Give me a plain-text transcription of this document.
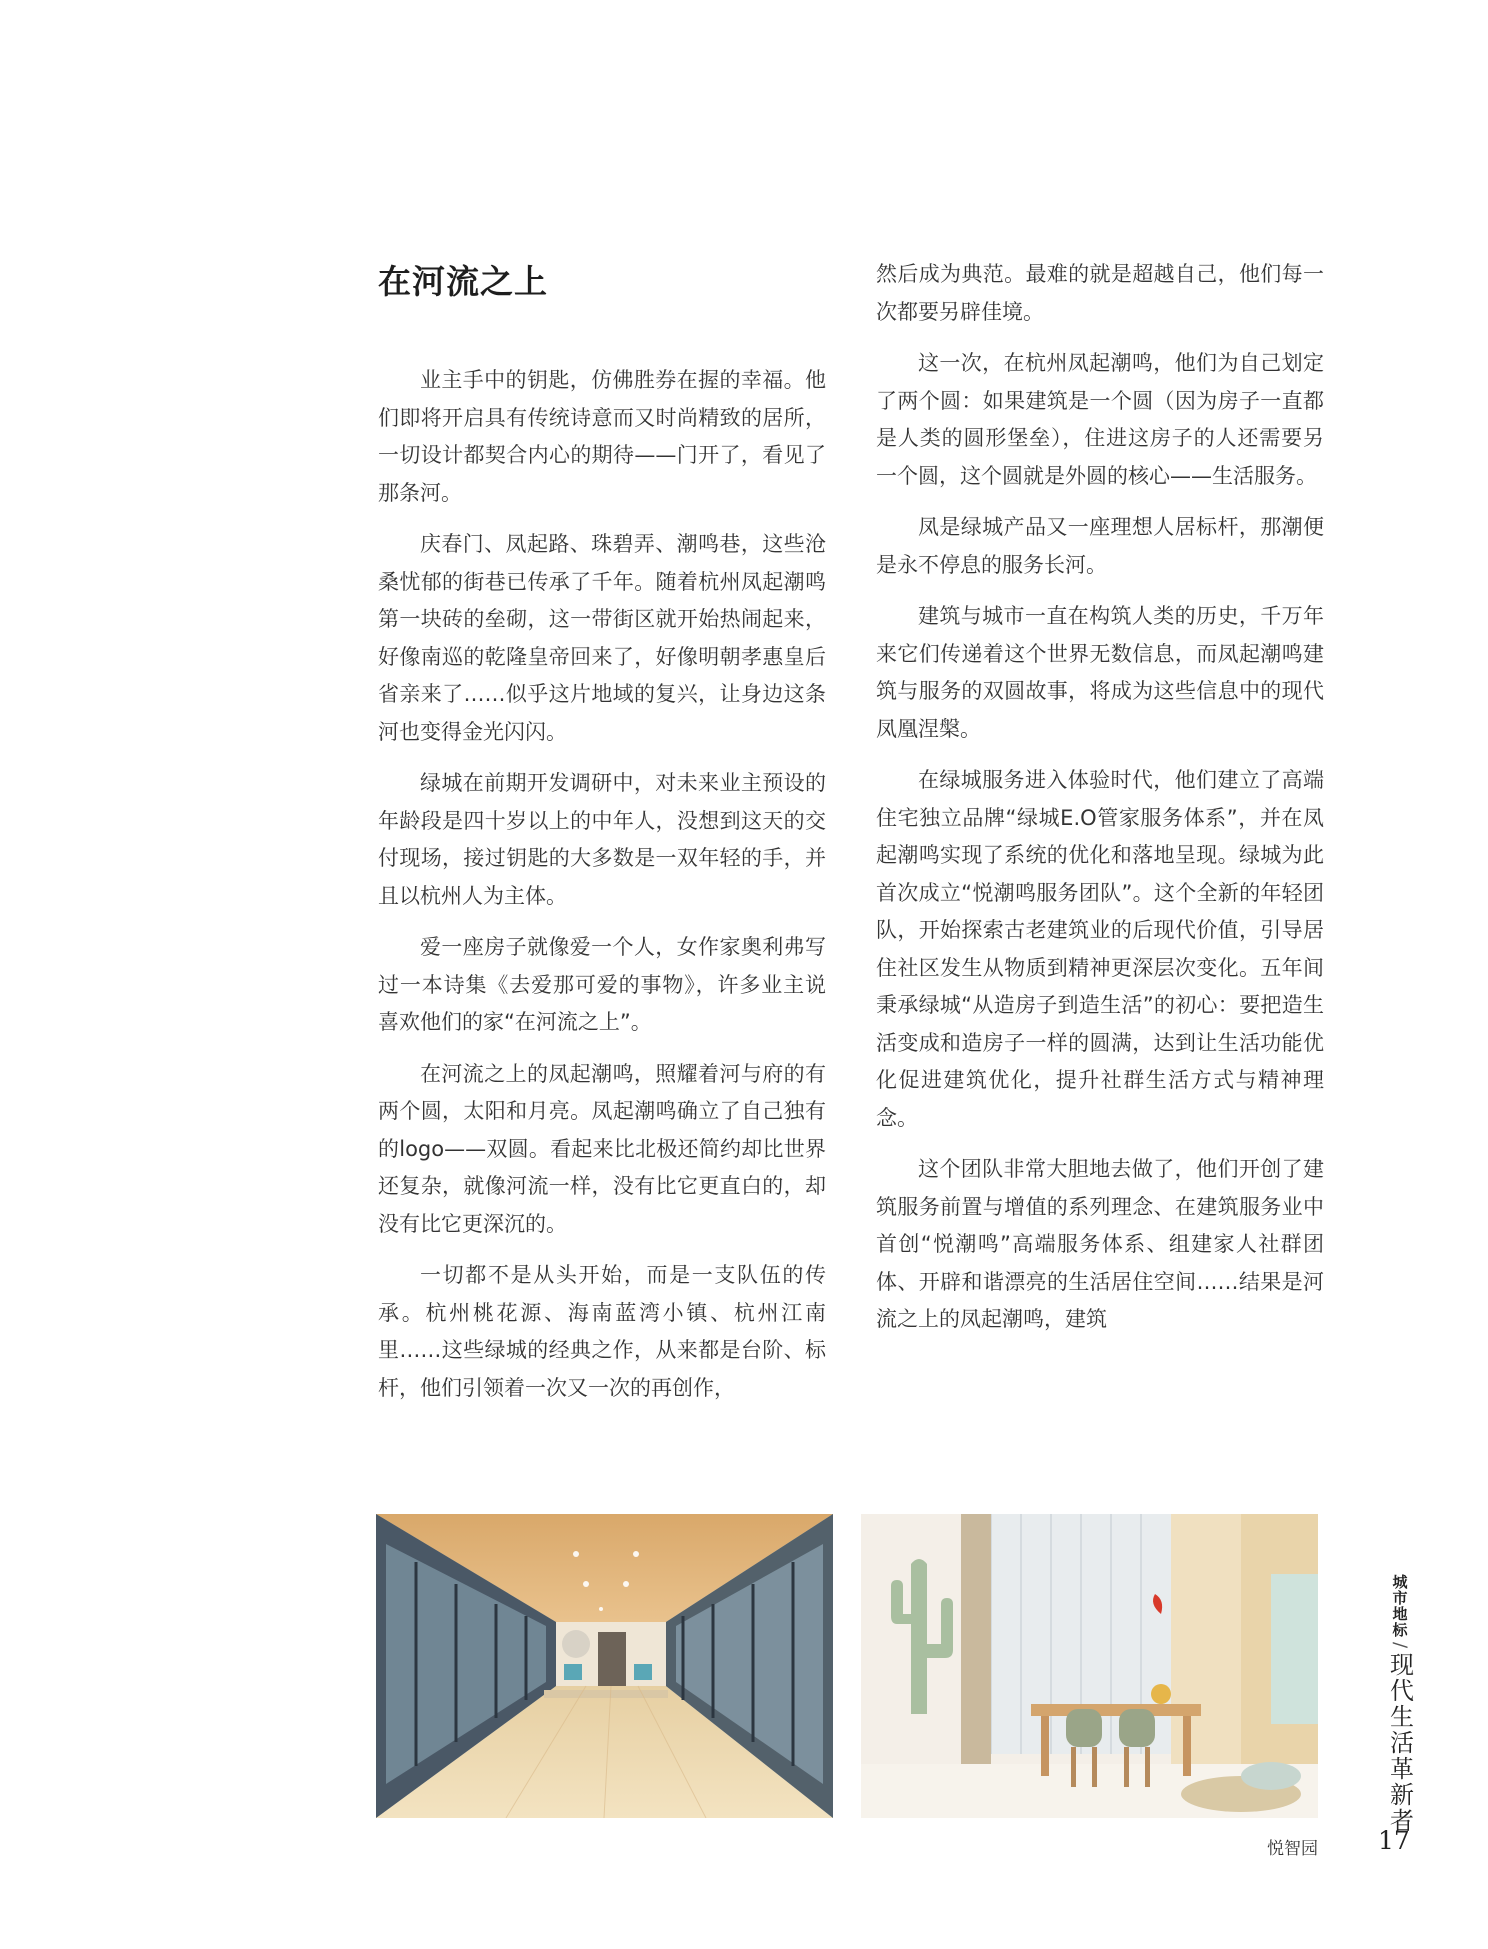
在河流之上

业主手中的钥匙，仿佛胜券在握的幸福。他们即将开启具有传统诗意而又时尚精致的居所，一切设计都契合内心的期待——门开了，看见了那条河。

庆春门、凤起路、珠碧弄、潮鸣巷，这些沧桑忧郁的街巷已传承了千年。随着杭州凤起潮鸣第一块砖的垒砌，这一带街区就开始热闹起来，好像南巡的乾隆皇帝回来了，好像明朝孝惠皇后省亲来了……似乎这片地域的复兴，让身边这条河也变得金光闪闪。

绿城在前期开发调研中，对未来业主预设的年龄段是四十岁以上的中年人，没想到这天的交付现场，接过钥匙的大多数是一双年轻的手，并且以杭州人为主体。

爱一座房子就像爱一个人，女作家奥利弗写过一本诗集《去爱那可爱的事物》，许多业主说喜欢他们的家“在河流之上”。

在河流之上的凤起潮鸣，照耀着河与府的有两个圆，太阳和月亮。凤起潮鸣确立了自己独有的logo——双圆。看起来比北极还简约却比世界还复杂，就像河流一样，没有比它更直白的，却没有比它更深沉的。

一切都不是从头开始，而是一支队伍的传承。杭州桃花源、海南蓝湾小镇、杭州江南里……这些绿城的经典之作，从来都是台阶、标杆，他们引领着一次又一次的再创作，

然后成为典范。最难的就是超越自己，他们每一次都要另辟佳境。

这一次，在杭州凤起潮鸣，他们为自己划定了两个圆：如果建筑是一个圆（因为房子一直都是人类的圆形堡垒），住进这房子的人还需要另一个圆，这个圆就是外圆的核心——生活服务。

凤是绿城产品又一座理想人居标杆，那潮便是永不停息的服务长河。

建筑与城市一直在构筑人类的历史，千万年来它们传递着这个世界无数信息，而凤起潮鸣建筑与服务的双圆故事，将成为这些信息中的现代凤凰涅槃。

在绿城服务进入体验时代，他们建立了高端住宅独立品牌“绿城E.O管家服务体系”，并在凤起潮鸣实现了系统的优化和落地呈现。绿城为此首次成立“悦潮鸣服务团队”。这个全新的年轻团队，开始探索古老建筑业的后现代价值，引导居住社区发生从物质到精神更深层次变化。五年间秉承绿城“从造房子到造生活”的初心：要把造生活变成和造房子一样的圆满，达到让生活功能优化促进建筑优化，提升社群生活方式与精神理念。

这个团队非常大胆地去做了，他们开创了建筑服务前置与增值的系列理念、在建筑服务业中首创“悦潮鸣”高端服务体系、组建家人社群团体、开辟和谐漂亮的生活居住空间……结果是河流之上的凤起潮鸣，建筑

悦智园
城市地标
/
现代生活革新者
17
